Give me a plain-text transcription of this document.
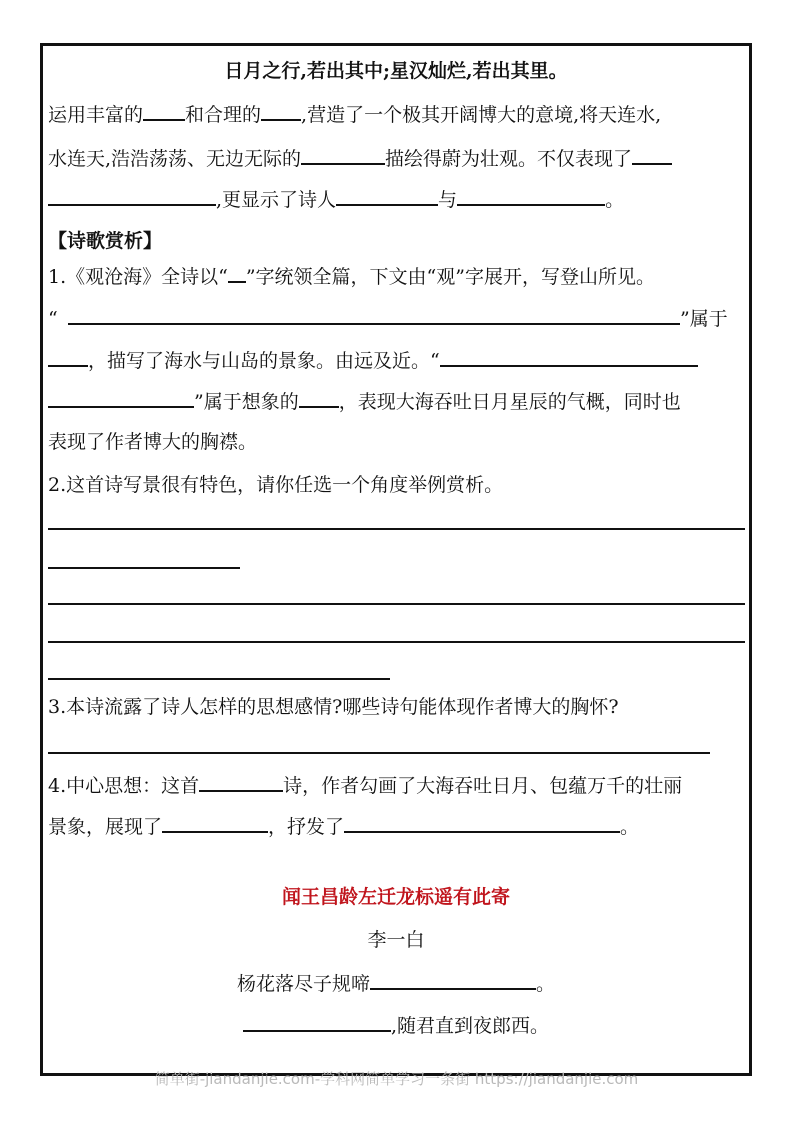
日月之行,若出其中;星汉灿烂,若出其里。
运用丰富的 和合理的 ,营造了一个极其开阔博大的意境,将天连水,
水连天,浩浩荡荡、无边无际的	描绘得蔚为壮观。不仅表现了
,更显示了诗人	与	。
【诗歌赏析】
1.《观沧海》全诗以“ ”字统领全篇，下文由“观”字展开，写登山所见。
“	”属于
，描写了海水与山岛的景象。由远及近。“
”属于想象的 ，表现大海吞吐日月星辰的气概，同时也
表现了作者博大的胸襟。
2.这首诗写景很有特色，请你任选一个角度举例赏析。
3.本诗流露了诗人怎样的思想感情?哪些诗句能体现作者博大的胸怀?
4.中心思想：这首	诗，作者勾画了大海吞吐日月、包蕴万千的壮丽
景象，展现了	，抒发了	。
闻王昌龄左迁龙标遥有此寄
李一白
杨花落尽子规啼	。
,随君直到夜郎西。
简单街-jiandanjie.com-学科网简单学习一条街 https://jiandanjie.com
